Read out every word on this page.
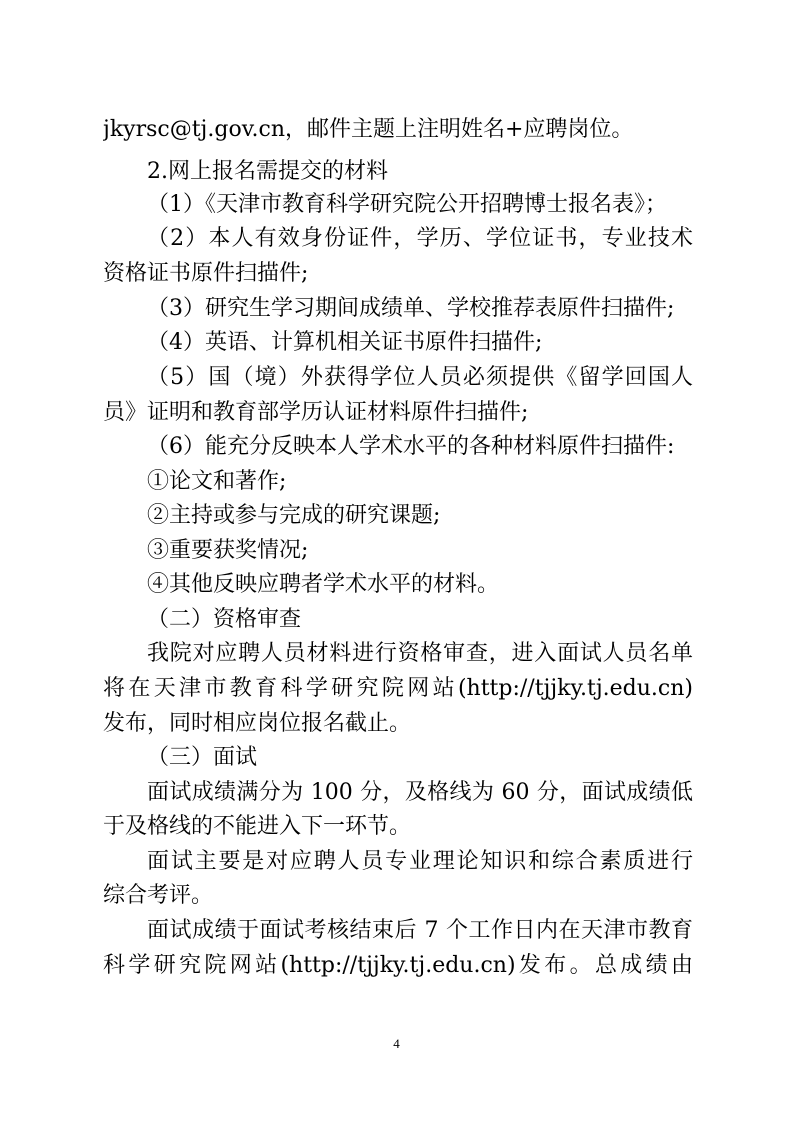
jkyrsc@tj.gov.cn，邮件主题上注明姓名+应聘岗位。
2.网上报名需提交的材料
（1）《天津市教育科学研究院公开招聘博士报名表》；
（2）本人有效身份证件，学历、学位证书，专业技术
资格证书原件扫描件;
（3）研究生学习期间成绩单、学校推荐表原件扫描件;
（4）英语、计算机相关证书原件扫描件;
（5）国（境）外获得学位人员必须提供《留学回国人
员》证明和教育部学历认证材料原件扫描件;
（6）能充分反映本人学术水平的各种材料原件扫描件:
①论文和著作;
②主持或参与完成的研究课题;
③重要获奖情况;
④其他反映应聘者学术水平的材料。
（二）资格审查
我院对应聘人员材料进行资格审查，进入面试人员名单
将在天津市教育科学研究院网站(http://tjjky.tj.edu.cn)
发布，同时相应岗位报名截止。
（三）面试
面试成绩满分为 100 分，及格线为 60 分，面试成绩低
于及格线的不能进入下一环节。
面试主要是对应聘人员专业理论知识和综合素质进行
综合考评。
面试成绩于面试考核结束后 7 个工作日内在天津市教育
科学研究院网站(http://tjjky.tj.edu.cn)发布。总成绩由
4
